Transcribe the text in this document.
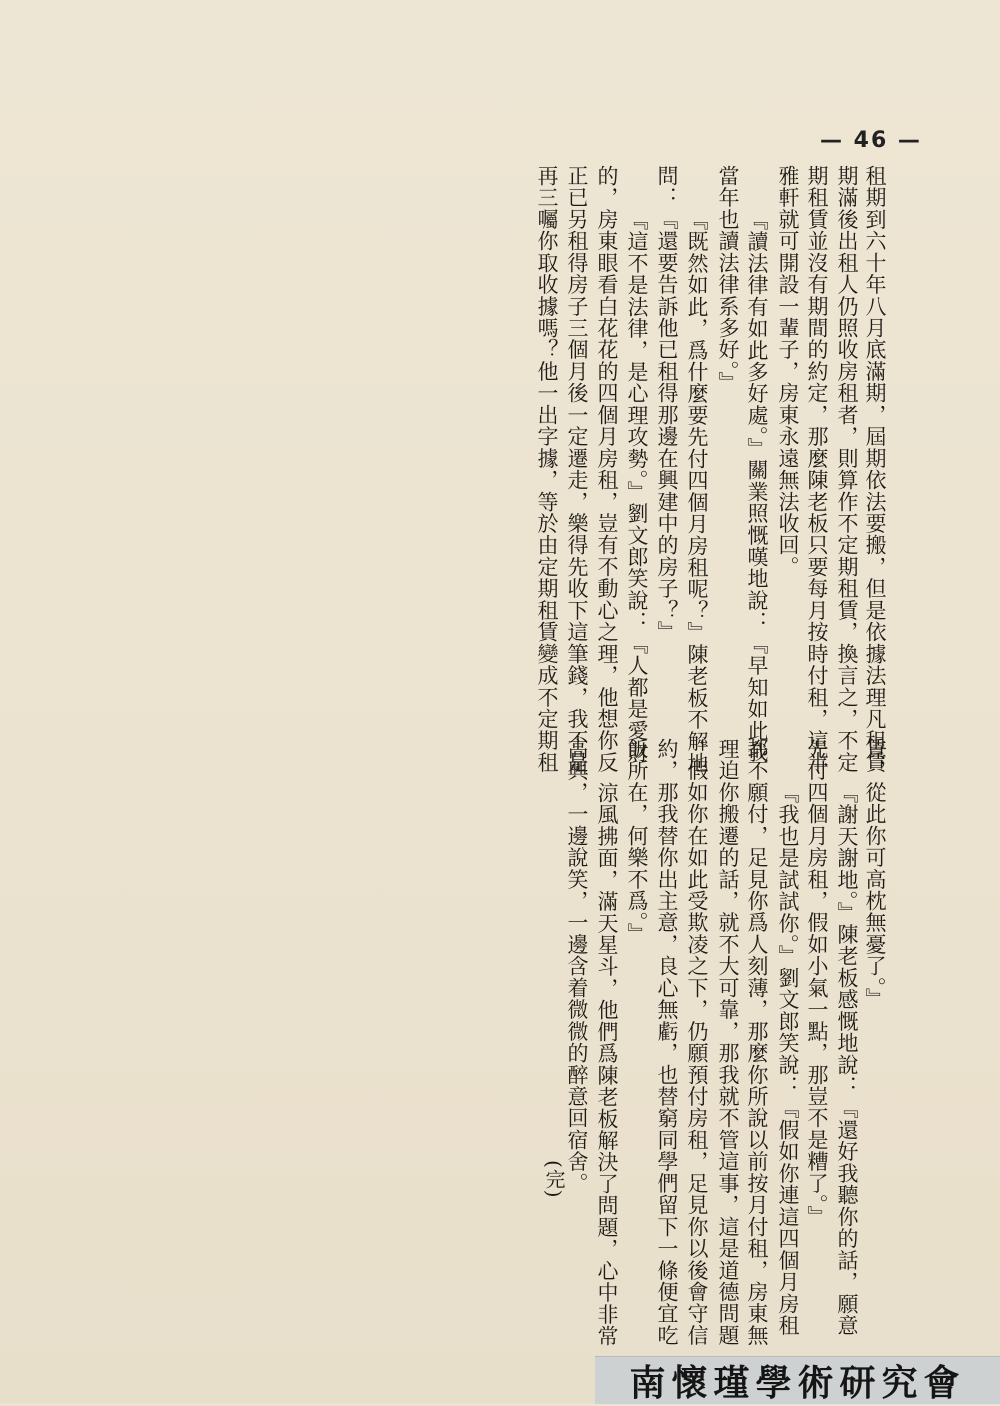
— 46 —
租期到六十年八月底滿期，屆期依法要搬，但是依據法理凡租賃
期滿後出租人仍照收房租者，則算作不定期租賃，換言之，不定
期租賃並沒有期間的約定，那麼陳老板只要每月按時付租，這半
雅軒就可開設一輩子，房東永遠無法收回。
『讀法律有如此多好處。』關業照慨嘆地說：『早知如此我
當年也讀法律系多好。』
『既然如此，爲什麼要先付四個月房租呢？』陳老板不解地
問：『還要告訴他已租得那邊在興建中的房子？』
『這不是法律，是心理攻勢。』劉文郎笑說：『人都是愛財
的，房東眼看白花花的四個月房租，豈有不動心之理，他想你反
正已另租得房子三個月後一定遷走，樂得先收下這筆錢，我不是
再三囑你取收據嗎？他一出字據，等於由定期租賃變成不定期租
賃，從此你可高枕無憂了。』
『謝天謝地。』陳老板感慨地說：『還好我聽你的話，願意
先付四個月房租，假如小氣一點，那豈不是糟了。』
『我也是試試你。』劉文郎笑說：『假如你連這四個月房租
都不願付，足見你爲人刻薄，那麼你所說以前按月付租，房東無
理迫你搬遷的話，就不大可靠，那我就不管這事，這是道德問題
。假如你在如此受欺凌之下，仍願預付房租，足見你以後會守信
約，那我替你出主意，良心無虧，也替窮同學們留下一條便宜吃
飯所在，何樂不爲。』
涼風拂面，滿天星斗，他們爲陳老板解決了問題，心中非常
高興，一邊說笑，一邊含着微微的醉意回宿舍。
(完)
南懷瑾學術研究會
